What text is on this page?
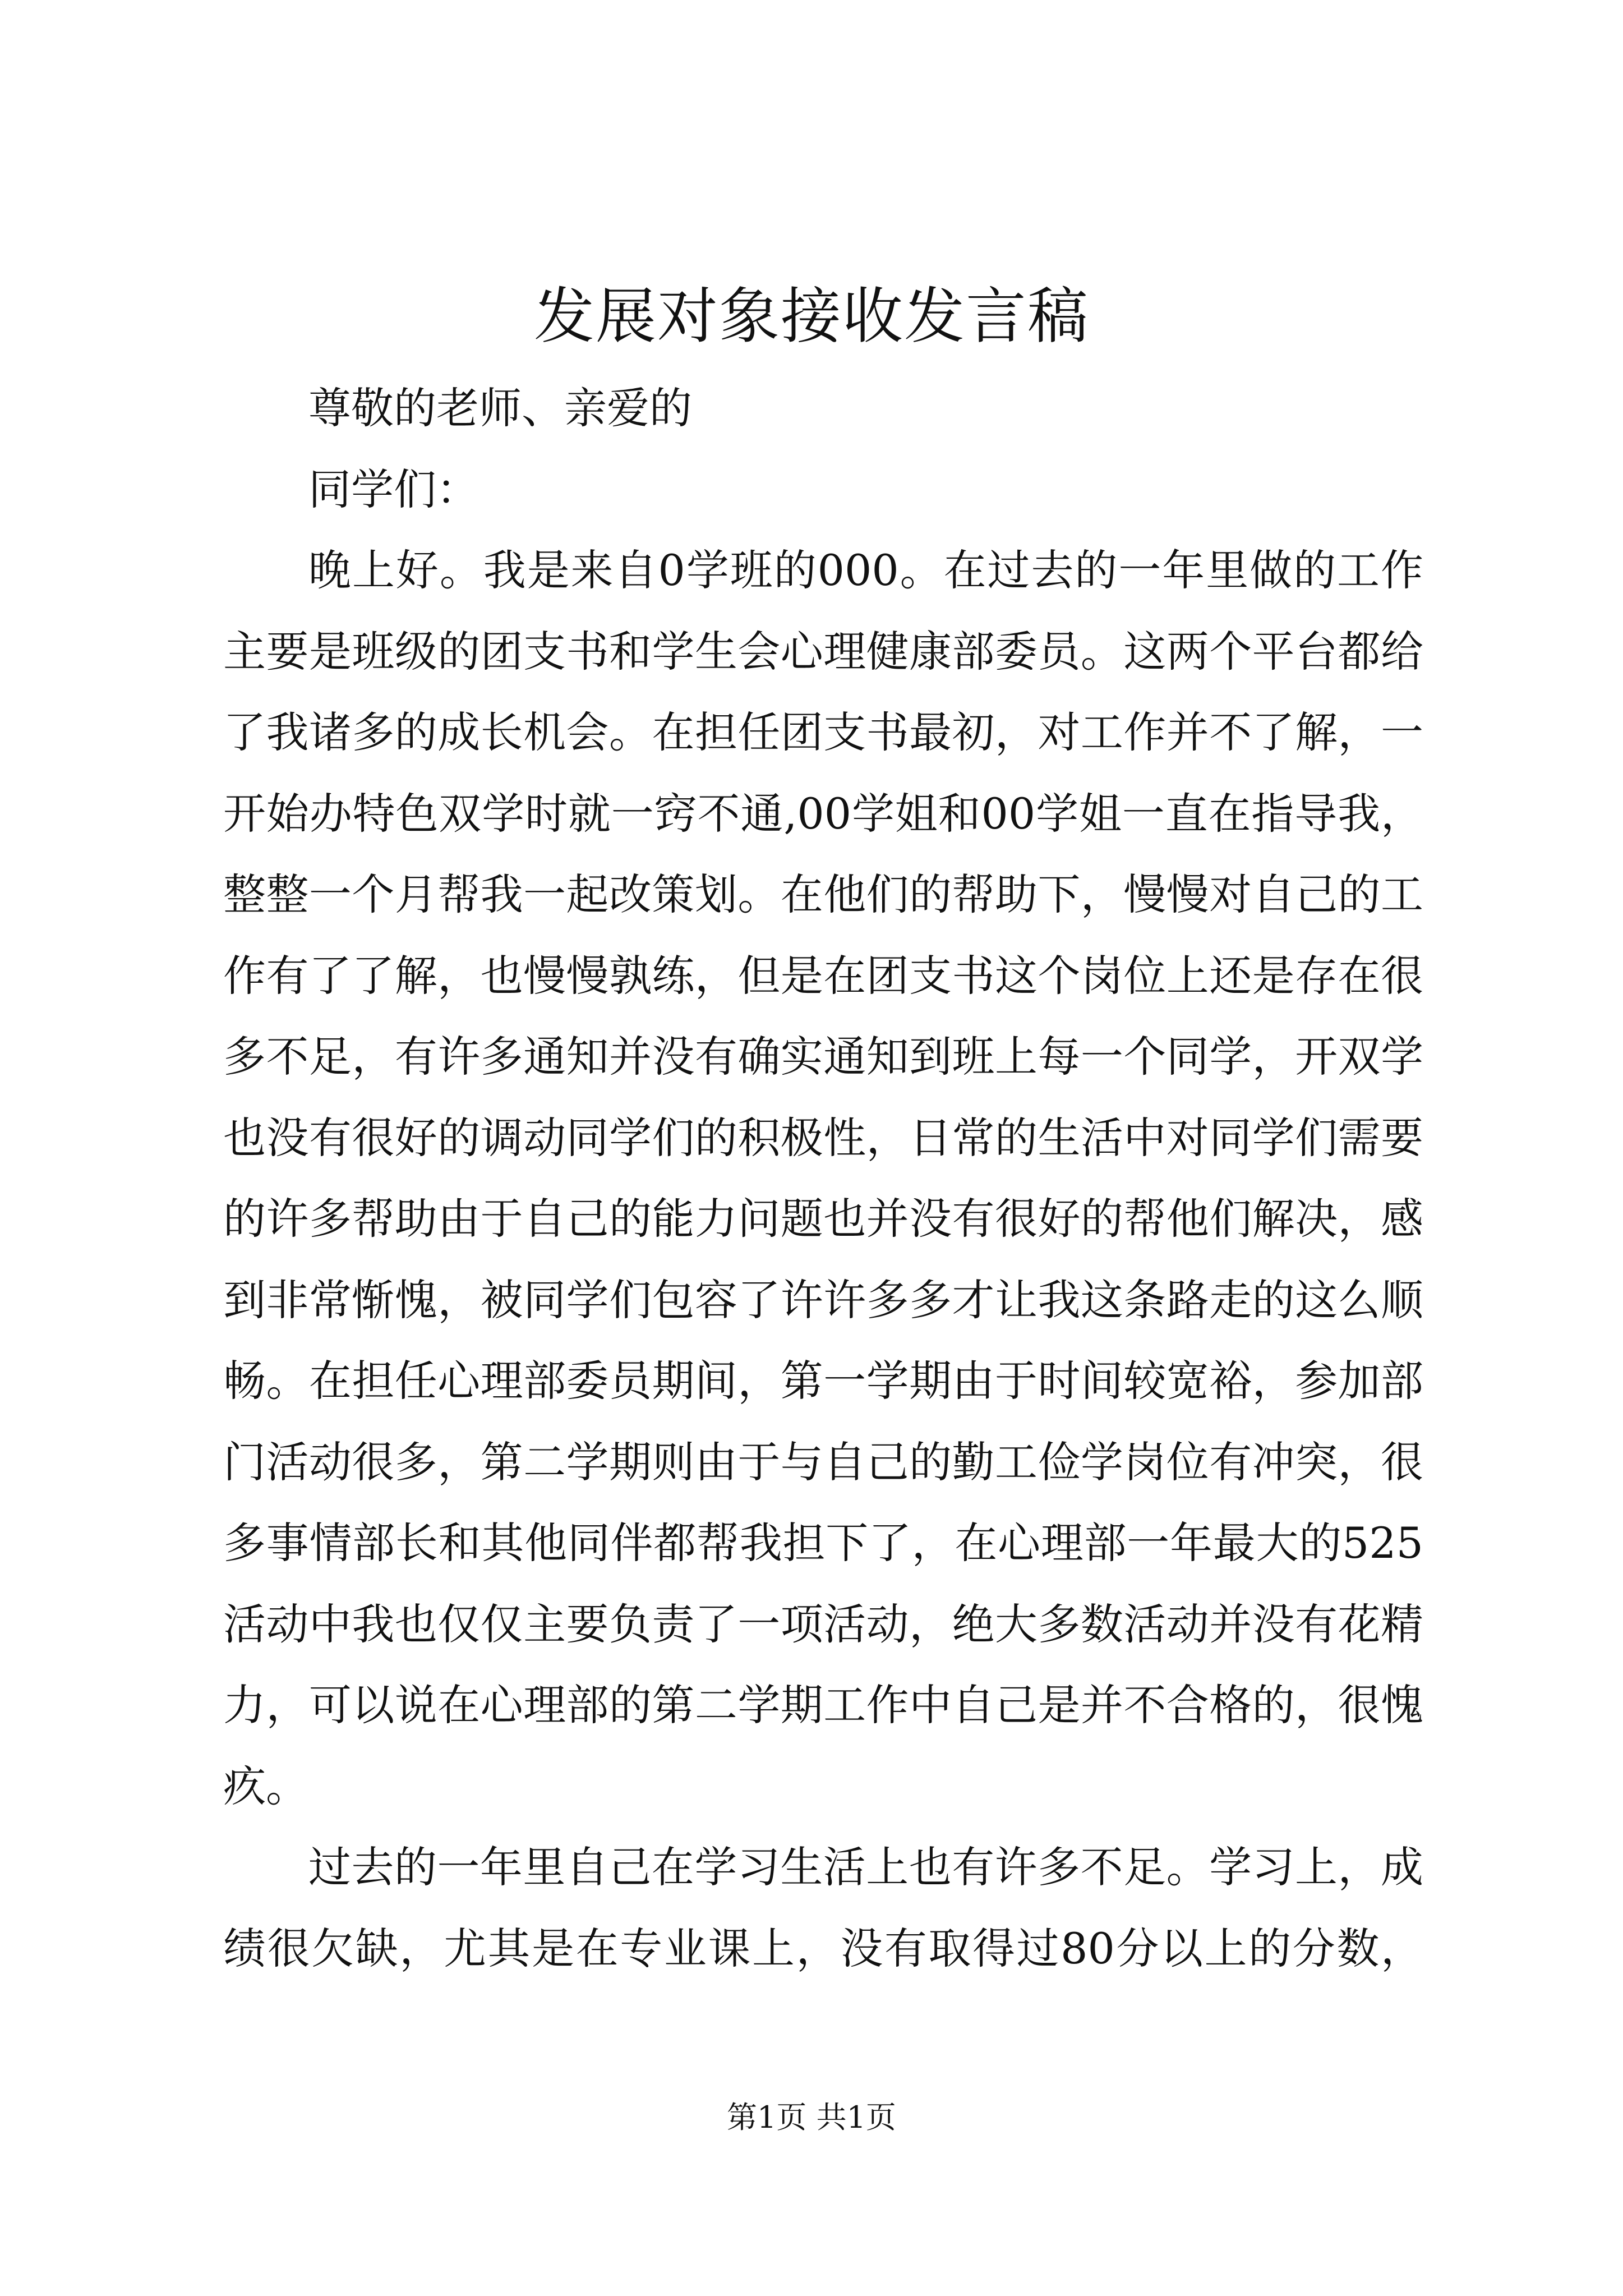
发展对象接收发言稿
尊敬的老师、亲爱的
同学们：
晚上好。我是来自0学班的000。在过去的一年里做的工作
主要是班级的团支书和学生会心理健康部委员。这两个平台都给
了我诸多的成长机会。在担任团支书最初，对工作并不了解，一
开始办特色双学时就一窍不通,00学姐和00学姐一直在指导我，
整整一个月帮我一起改策划。在他们的帮助下，慢慢对自己的工
作有了了解，也慢慢孰练，但是在团支书这个岗位上还是存在很
多不足，有许多通知并没有确实通知到班上每一个同学，开双学
也没有很好的调动同学们的积极性，日常的生活中对同学们需要
的许多帮助由于自己的能力问题也并没有很好的帮他们解决，感
到非常惭愧，被同学们包容了许许多多才让我这条路走的这么顺
畅。在担任心理部委员期间，第一学期由于时间较宽裕，参加部
门活动很多，第二学期则由于与自己的勤工俭学岗位有冲突，很
多事情部长和其他同伴都帮我担下了，在心理部一年最大的525
活动中我也仅仅主要负责了一项活动，绝大多数活动并没有花精
力，可以说在心理部的第二学期工作中自己是并不合格的，很愧
疚。
过去的一年里自己在学习生活上也有许多不足。学习上，成
绩很欠缺，尤其是在专业课上，没有取得过80分以上的分数，
第1页 共1页
